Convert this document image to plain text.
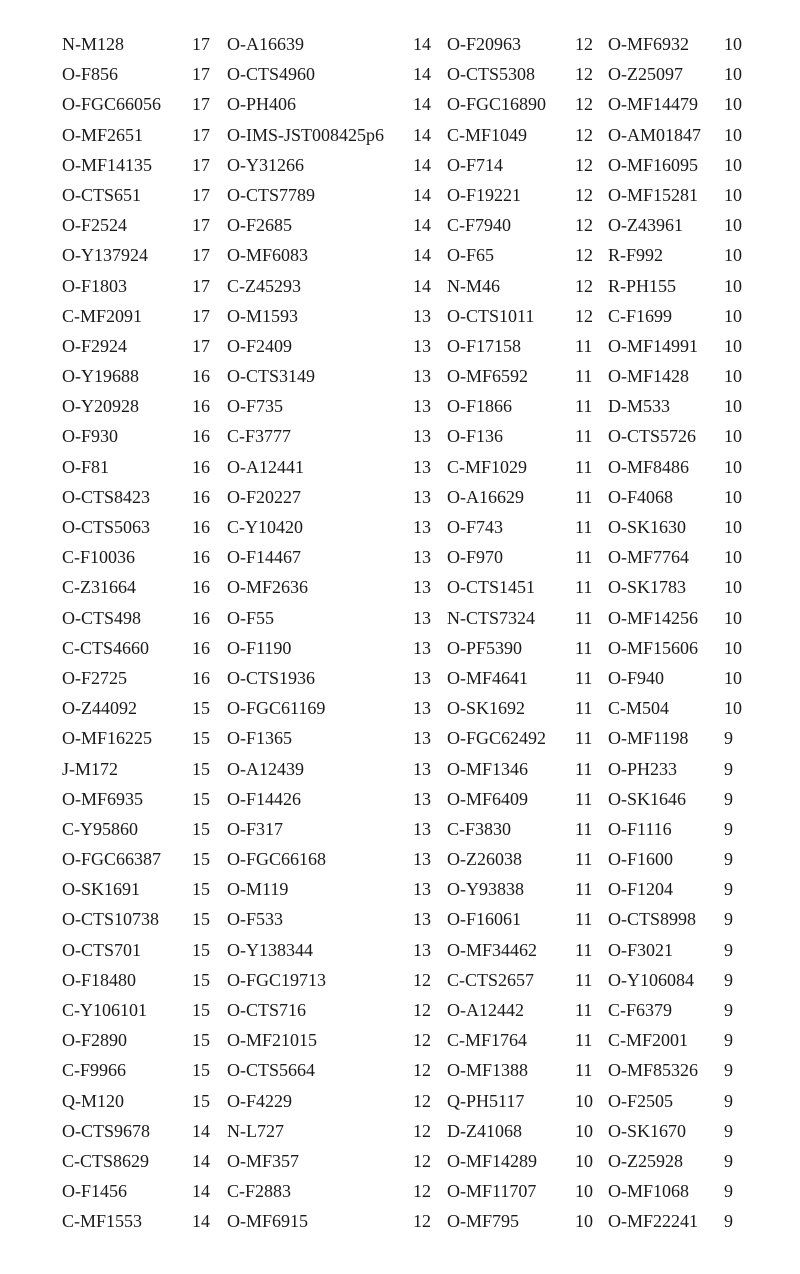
N-M128	17 O-A16639	14 O-F20963	12 O-MF6932 10
O-F856	17 O-CTS4960	14 O-CTS5308 12 O-Z25097 10
O-FGC66056 17 O-PH406	14 O-FGC16890 12 O-MF14479 10
O-MF2651	17 O-IMS-JST008425p6 14 C-MF1049	12 O-AM01847 10
O-MF14135 17 O-Y31266	14 O-F714	12 O-MF16095 10
O-CTS651	17 O-CTS7789	14 O-F19221	12 O-MF15281 10
O-F2524	17 O-F2685	14 C-F7940	12 O-Z43961 10
O-Y137924 17 O-MF6083	14 O-F65	12 R-F992	10
O-F1803	17 C-Z45293	14 N-M46	12 R-PH155	10
C-MF2091	17 O-M1593	13 O-CTS1011 12 C-F1699	10
O-F2924	17 O-F2409	13 O-F17158	11 O-MF14991 10
O-Y19688	16 O-CTS3149	13 O-MF6592	11 O-MF1428 10
O-Y20928	16 O-F735	13 O-F1866	11 D-M533	10
O-F930	16 C-F3777	13 O-F136	11 O-CTS5726 10
O-F81	16 O-A12441	13 C-MF1029	11 O-MF8486 10
O-CTS8423 16 O-F20227	13 O-A16629	11 O-F4068	10
O-CTS5063 16 C-Y10420	13 O-F743	11 O-SK1630 10
C-F10036	16 O-F14467	13 O-F970	11 O-MF7764 10
C-Z31664	16 O-MF2636	13 O-CTS1451 11 O-SK1783 10
O-CTS498	16 O-F55	13 N-CTS7324 11 O-MF14256 10
C-CTS4660 16 O-F1190	13 O-PF5390	11 O-MF15606 10
O-F2725	16 O-CTS1936	13 O-MF4641	11 O-F940	10
O-Z44092	15 O-FGC61169	13 O-SK1692	11 C-M504	10
O-MF16225 15 O-F1365	13 O-FGC62492 11 O-MF1198 9
J-M172	15 O-A12439	13 O-MF1346	11 O-PH233	9
O-MF6935	15 O-F14426	13 O-MF6409	11 O-SK1646 9
C-Y95860	15 O-F317	13 C-F3830	11 O-F1116	9
O-FGC66387 15 O-FGC66168	13 O-Z26038	11 O-F1600	9
O-SK1691	15 O-M119	13 O-Y93838	11 O-F1204	9
O-CTS10738 15 O-F533	13 O-F16061	11 O-CTS8998 9
O-CTS701	15 O-Y138344	13 O-MF34462 11 O-F3021	9
O-F18480	15 O-FGC19713	12 C-CTS2657 11 O-Y106084 9
C-Y106101	15 O-CTS716	12 O-A12442	11 C-F6379	9
O-F2890	15 O-MF21015	12 C-MF1764	11 C-MF2001 9
C-F9966	15 O-CTS5664	12 O-MF1388	11 O-MF85326 9
Q-M120	15 O-F4229	12 Q-PH5117	10 O-F2505	9
O-CTS9678 14 N-L727	12 D-Z41068	10 O-SK1670 9
C-CTS8629 14 O-MF357	12 O-MF14289 10 O-Z25928 9
O-F1456	14 C-F2883	12 O-MF11707 10 O-MF1068 9
C-MF1553	14 O-MF6915	12 O-MF795	10 O-MF22241 9
